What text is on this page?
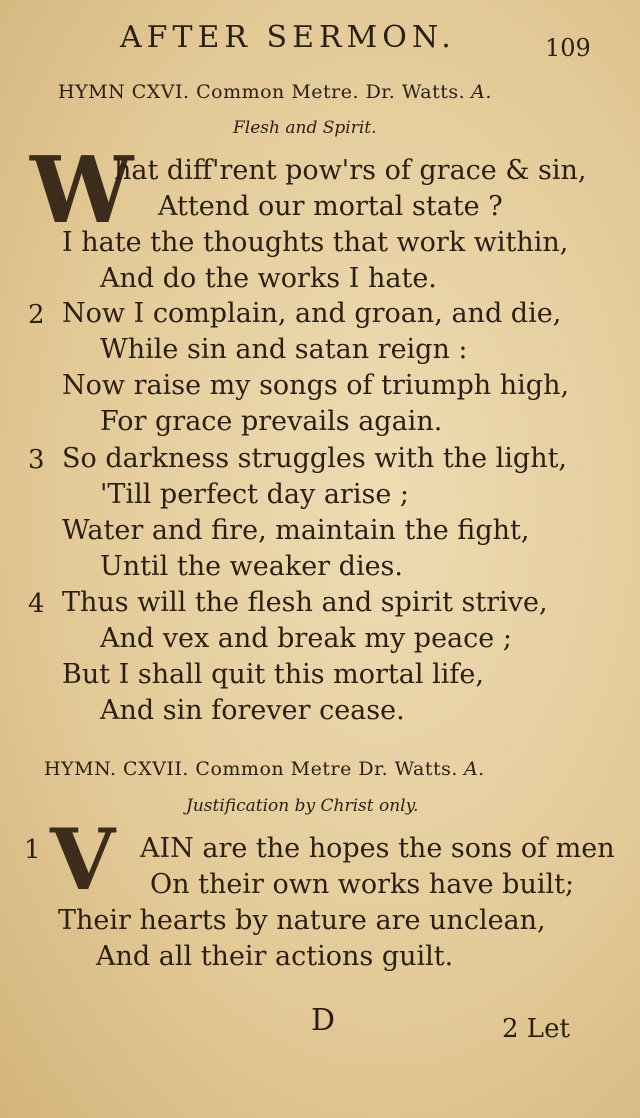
AFTER SERMON.	109
HYMN CXVI. Common Metre. Dr. Watts. A.
Flesh and Spirit.
W
hat diff'rent pow'rs of grace & sin,
Attend our mortal state ?
I hate the thoughts that work within,
And do the works I hate.
2 Now I complain, and groan, and die,
While sin and satan reign :
Now raise my songs of triumph high,
For grace prevails again.
3 So darkness struggles with the light,
'Till perfect day arise ;
Water and fire, maintain the fight,
Until the weaker dies.
4 Thus will the flesh and spirit strive,
And vex and break my peace ;
But I shall quit this mortal life,
And sin forever cease.
HYMN. CXVII. Common Metre Dr. Watts. A.
Justification by Christ only.
1 V AIN are the hopes the sons of men
On their own works have built;
Their hearts by nature are unclean,
And all their actions guilt.
D	2 Let
